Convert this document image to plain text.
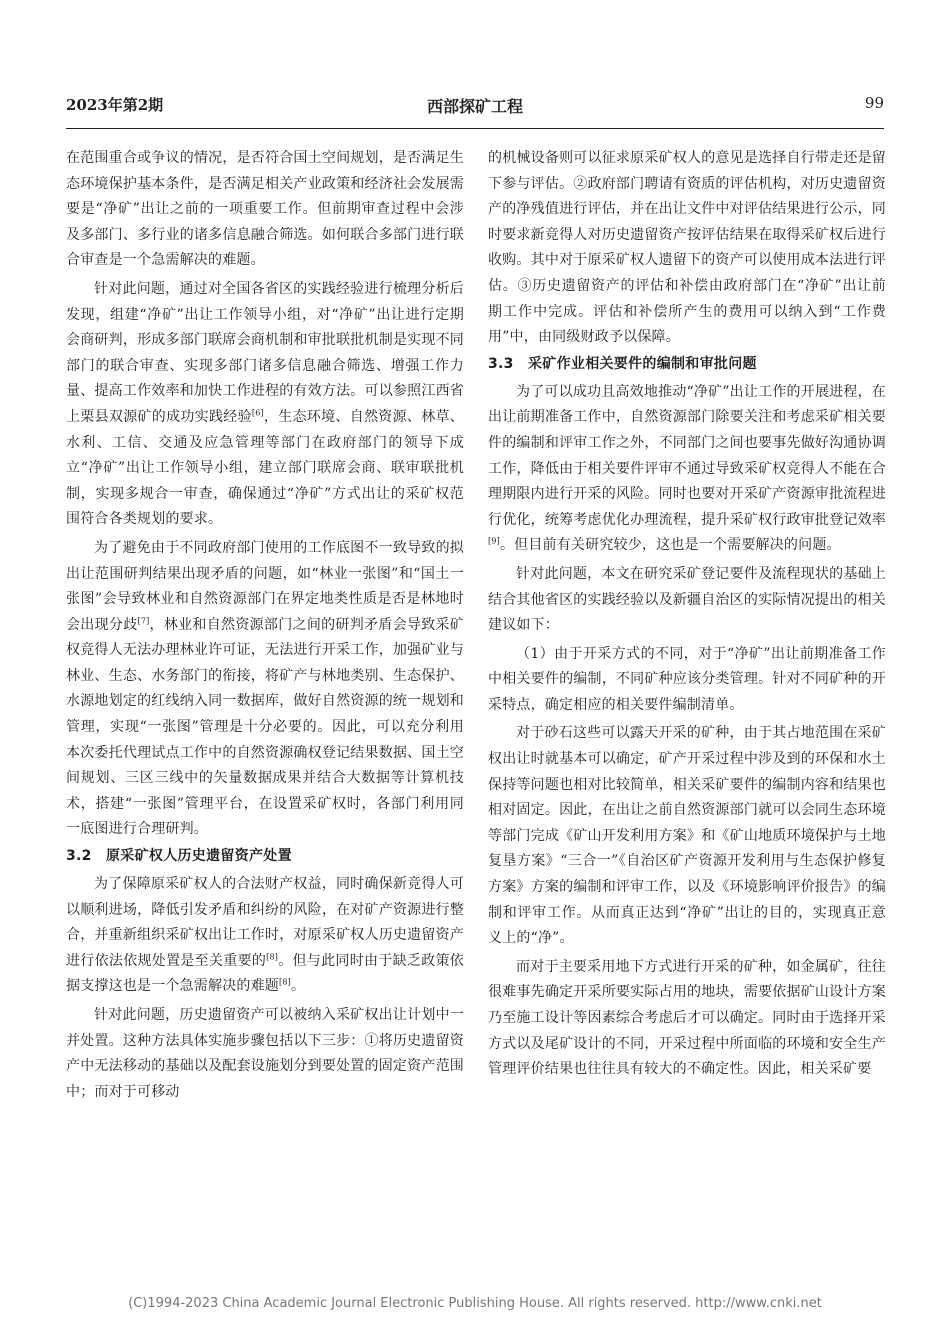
2023年第2期	西部探矿工程	99

在范围重合或争议的情况，是否符合国土空间规划，是否满足生态环境保护基本条件，是否满足相关产业政策和经济社会发展需要是“净矿”出让之前的一项重要工作。但前期审查过程中会涉及多部门、多行业的诸多信息融合筛选。如何联合多部门进行联合审查是一个急需解决的难题。

针对此问题，通过对全国各省区的实践经验进行梳理分析后发现，组建“净矿”出让工作领导小组，对“净矿”出让进行定期会商研判，形成多部门联席会商机制和审批联批机制是实现不同部门的联合审查、实现多部门诸多信息融合筛选、增强工作力量、提高工作效率和加快工作进程的有效方法。可以参照江西省上栗县双源矿的成功实践经验[6]，生态环境、自然资源、林草、水利、工信、交通及应急管理等部门在政府部门的领导下成立“净矿”出让工作领导小组，建立部门联席会商、联审联批机制，实现多规合一审查，确保通过“净矿”方式出让的采矿权范围符合各类规划的要求。

为了避免由于不同政府部门使用的工作底图不一致导致的拟出让范围研判结果出现矛盾的问题，如“林业一张图”和“国土一张图”会导致林业和自然资源部门在界定地类性质是否是林地时会出现分歧[7]，林业和自然资源部门之间的研判矛盾会导致采矿权竞得人无法办理林业许可证，无法进行开采工作，加强矿业与林业、生态、水务部门的衔接，将矿产与林地类别、生态保护、水源地划定的红线纳入同一数据库，做好自然资源的统一规划和管理，实现“一张图”管理是十分必要的。因此，可以充分利用本次委托代理试点工作中的自然资源确权登记结果数据、国土空间规划、三区三线中的矢量数据成果并结合大数据等计算机技术，搭建“一张图”管理平台，在设置采矿权时，各部门利用同一底图进行合理研判。

3.2　原采矿权人历史遗留资产处置

为了保障原采矿权人的合法财产权益，同时确保新竞得人可以顺利进场，降低引发矛盾和纠纷的风险，在对矿产资源进行整合，并重新组织采矿权出让工作时，对原采矿权人历史遗留资产进行依法依规处置是至关重要的[8]。但与此同时由于缺乏政策依据支撑这也是一个急需解决的难题[8]。

针对此问题，历史遗留资产可以被纳入采矿权出让计划中一并处置。这种方法具体实施步骤包括以下三步：①将历史遗留资产中无法移动的基础以及配套设施划分到要处置的固定资产范围中；而对于可移动

的机械设备则可以征求原采矿权人的意见是选择自行带走还是留下参与评估。②政府部门聘请有资质的评估机构，对历史遗留资产的净残值进行评估，并在出让文件中对评估结果进行公示，同时要求新竞得人对历史遗留资产按评估结果在取得采矿权后进行收购。其中对于原采矿权人遗留下的资产可以使用成本法进行评估。③历史遗留资产的评估和补偿由政府部门在“净矿”出让前期工作中完成。评估和补偿所产生的费用可以纳入到“工作费用”中，由同级财政予以保障。

3.3　采矿作业相关要件的编制和审批问题

为了可以成功且高效地推动“净矿”出让工作的开展进程，在出让前期准备工作中，自然资源部门除要关注和考虑采矿相关要件的编制和评审工作之外，不同部门之间也要事先做好沟通协调工作，降低由于相关要件评审不通过导致采矿权竞得人不能在合理期限内进行开采的风险。同时也要对开采矿产资源审批流程进行优化，统筹考虑优化办理流程，提升采矿权行政审批登记效率[9]。但目前有关研究较少，这也是一个需要解决的问题。

针对此问题，本文在研究采矿登记要件及流程现状的基础上结合其他省区的实践经验以及新疆自治区的实际情况提出的相关建议如下：

（1）由于开采方式的不同，对于“净矿”出让前期准备工作中相关要件的编制，不同矿种应该分类管理。针对不同矿种的开采特点，确定相应的相关要件编制清单。

对于砂石这些可以露天开采的矿种，由于其占地范围在采矿权出让时就基本可以确定，矿产开采过程中涉及到的环保和水土保持等问题也相对比较简单，相关采矿要件的编制内容和结果也相对固定。因此，在出让之前自然资源部门就可以会同生态环境等部门完成《矿山开发利用方案》和《矿山地质环境保护与土地复垦方案》“三合一”《自治区矿产资源开发利用与生态保护修复方案》方案的编制和评审工作，以及《环境影响评价报告》的编制和评审工作。从而真正达到“净矿”出让的目的，实现真正意义上的“净”。

而对于主要采用地下方式进行开采的矿种，如金属矿，往往很难事先确定开采所要实际占用的地块，需要依据矿山设计方案乃至施工设计等因素综合考虑后才可以确定。同时由于选择开采方式以及尾矿设计的不同，开采过程中所面临的环境和安全生产管理评价结果也往往具有较大的不确定性。因此，相关采矿要

(C)1994-2023 China Academic Journal Electronic Publishing House. All rights reserved. http://www.cnki.net
